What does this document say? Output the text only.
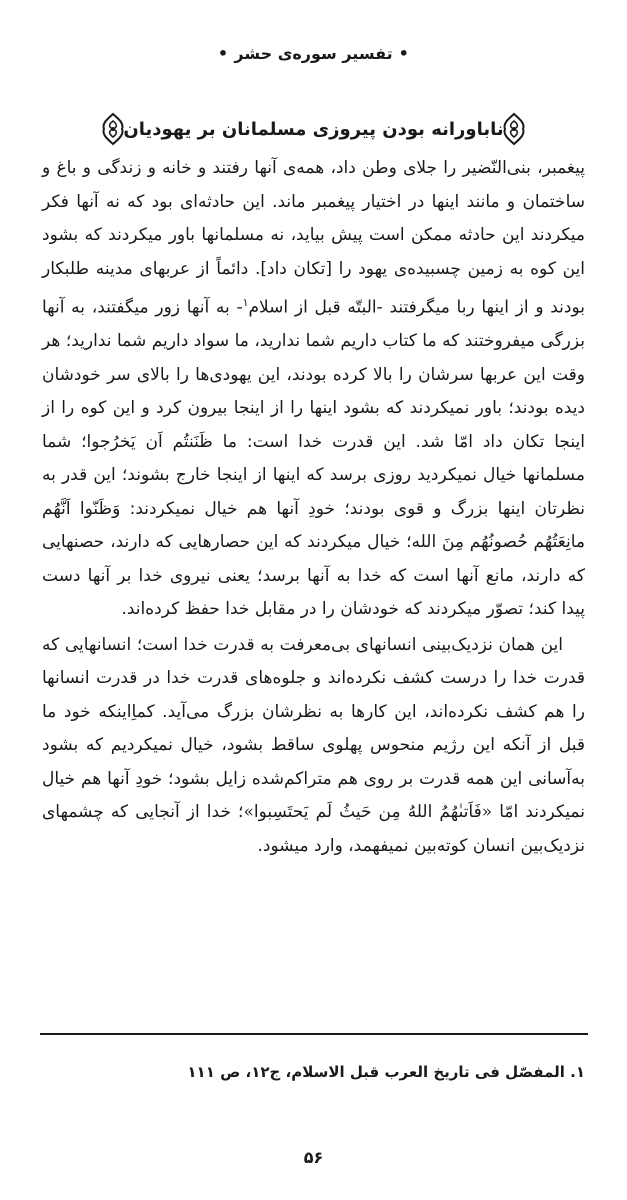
•تفسیر سوره‌ی حشر•
ناباورانه بودن پیروزی مسلمانان بر یهودیان

پیغمبر، بنی‌النّضیر را جلای وطن داد، همه‌ی آنها رفتند و خانه و زندگی و باغ و ساختمان و مانند اینها در اختیار پیغمبر ماند. این حادثه‌ای بود که نه آنها فکر میکردند این حادثه ممکن است پیش بیاید، نه مسلمانها باور میکردند که بشود این کوه به زمین چسبیده‌ی یهود را [تکان داد]. دائماً از عربهای مدینه طلبکار بودند و از اینها ربا میگرفتند -البتّه قبل از اسلام$^۱$- به آنها زور میگفتند، به آنها بزرگی میفروختند که ما کتاب داریم شما ندارید، ما سواد داریم شما ندارید؛ هر وقت این عربها سرشان را بالا کرده بودند، این یهودی‌ها را بالای سر خودشان دیده بودند؛ باور نمیکردند که بشود اینها را از اینجا بیرون کرد و این کوه را از اینجا تکان داد امّا شد. این قدرت خدا است: ما ظَنَنتُم اَن یَخرُجوا؛ شما مسلمانها خیال نمیکردید روزی برسد که اینها از اینجا خارج بشوند؛ این قدر به نظرتان اینها بزرگ و قوی بودند؛ خودِ آنها هم خیال نمیکردند: وَظَنّوا اَنَّهُم مانِعَتُهُم حُصونُهُم مِنَ الله؛ خیال میکردند که این حصارهایی که دارند، حصنهایی که دارند، مانع آنها است که خدا به آنها برسد؛ یعنی نیروی خدا بر آنها دست پیدا کند؛ تصوّر میکردند که خودشان را در مقابل خدا حفظ کرده‌اند.

این همان نزدیک‌بینی انسانهای بی‌معرفت به قدرت خدا است؛ انسانهایی که قدرت خدا را درست کشف نکرده‌اند و جلوه‌های قدرت خدا در قدرت انسانها را هم کشف نکرده‌اند، این کارها به نظرشان بزرگ می‌آید. کماِاینکه خود ما قبل از آنکه این رژیم منحوس پهلوی ساقط بشود، خیال نمیکردیم که بشود به‌آسانی این همه قدرت بر روی هم متراکم‌شده زایل بشود؛ خودِ آنها هم خیال نمیکردند امّا «فَاَتىٰهُمُ اللهُ مِن حَیثُ لَم یَحتَسِبوا»؛ خدا از آنجایی که چشمهای نزدیک‌بین انسان کوته‌بین نمیفهمد، وارد میشود.

۱. المفصّل فی تاریخ العرب قبل الاسلام، ج۱۲، ص ۱۱۱
۵۶
